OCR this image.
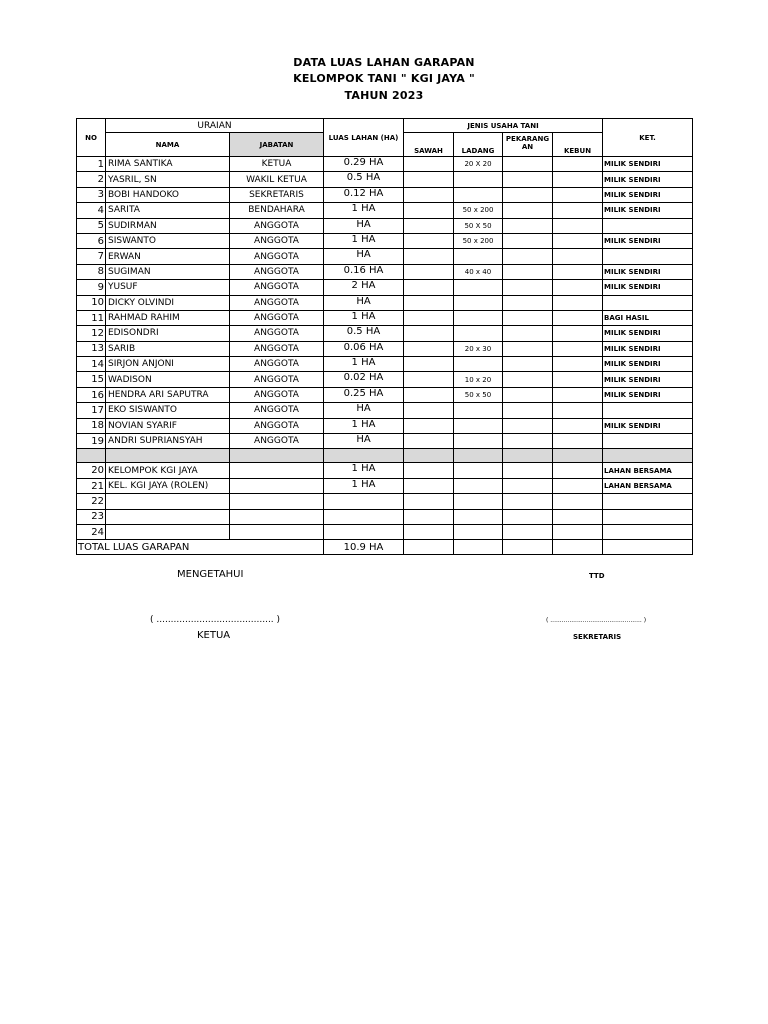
DATA LUAS LAHAN GARAPAN
KELOMPOK TANI " KGI JAYA "
TAHUN 2023
NO	URAIAN		LUAS LAHAN (HA)	JENIS USAHA TANI				KET.
	NAMA	JABATAN		SAWAH	LADANG	PEKARANG AN	KEBUN	

1	RIMA SANTIKA	KETUA	0.29 HA		20 X 20			MILIK SENDIRI
2	YASRIL, SN	WAKIL KETUA	0.5 HA					MILIK SENDIRI
3	BOBI HANDOKO	SEKRETARIS	0.12 HA					MILIK SENDIRI
4	SARITA	BENDAHARA	1 HA		50 x 200			MILIK SENDIRI
5	SUDIRMAN	ANGGOTA	HA		50 X 50			
6	SISWANTO	ANGGOTA	1 HA		50 x 200			MILIK SENDIRI
7	ERWAN	ANGGOTA	HA					
8	SUGIMAN	ANGGOTA	0.16 HA		40 x 40			MILIK SENDIRI
9	YUSUF	ANGGOTA	2 HA					MILIK SENDIRI
10	DICKY OLVINDI	ANGGOTA	HA					
11	RAHMAD RAHIM	ANGGOTA	1 HA					BAGI HASIL
12	EDISONDRI	ANGGOTA	0.5 HA					MILIK SENDIRI
13	SARIB	ANGGOTA	0.06 HA		20 x 30			MILIK SENDIRI
14	SIRJON ANJONI	ANGGOTA	1 HA					MILIK SENDIRI
15	WADISON	ANGGOTA	0.02 HA		10 x 20			MILIK SENDIRI
16	HENDRA ARI SAPUTRA	ANGGOTA	0.25 HA		50 x 50			MILIK SENDIRI
17	EKO SISWANTO	ANGGOTA	HA					
18	NOVIAN SYARIF	ANGGOTA	1 HA					MILIK SENDIRI
19	ANDRI SUPRIANSYAH	ANGGOTA	HA					

20	KELOMPOK KGI JAYA		1 HA					LAHAN BERSAMA
21	KEL. KGI JAYA (ROLEN)		1 HA					LAHAN BERSAMA
22								
23								
24								
TOTAL LUAS GARAPAN			10.9 HA					
MENGETAHUI	TTD
( ......................................... )
KETUA
( ................................................ )
SEKRETARIS
